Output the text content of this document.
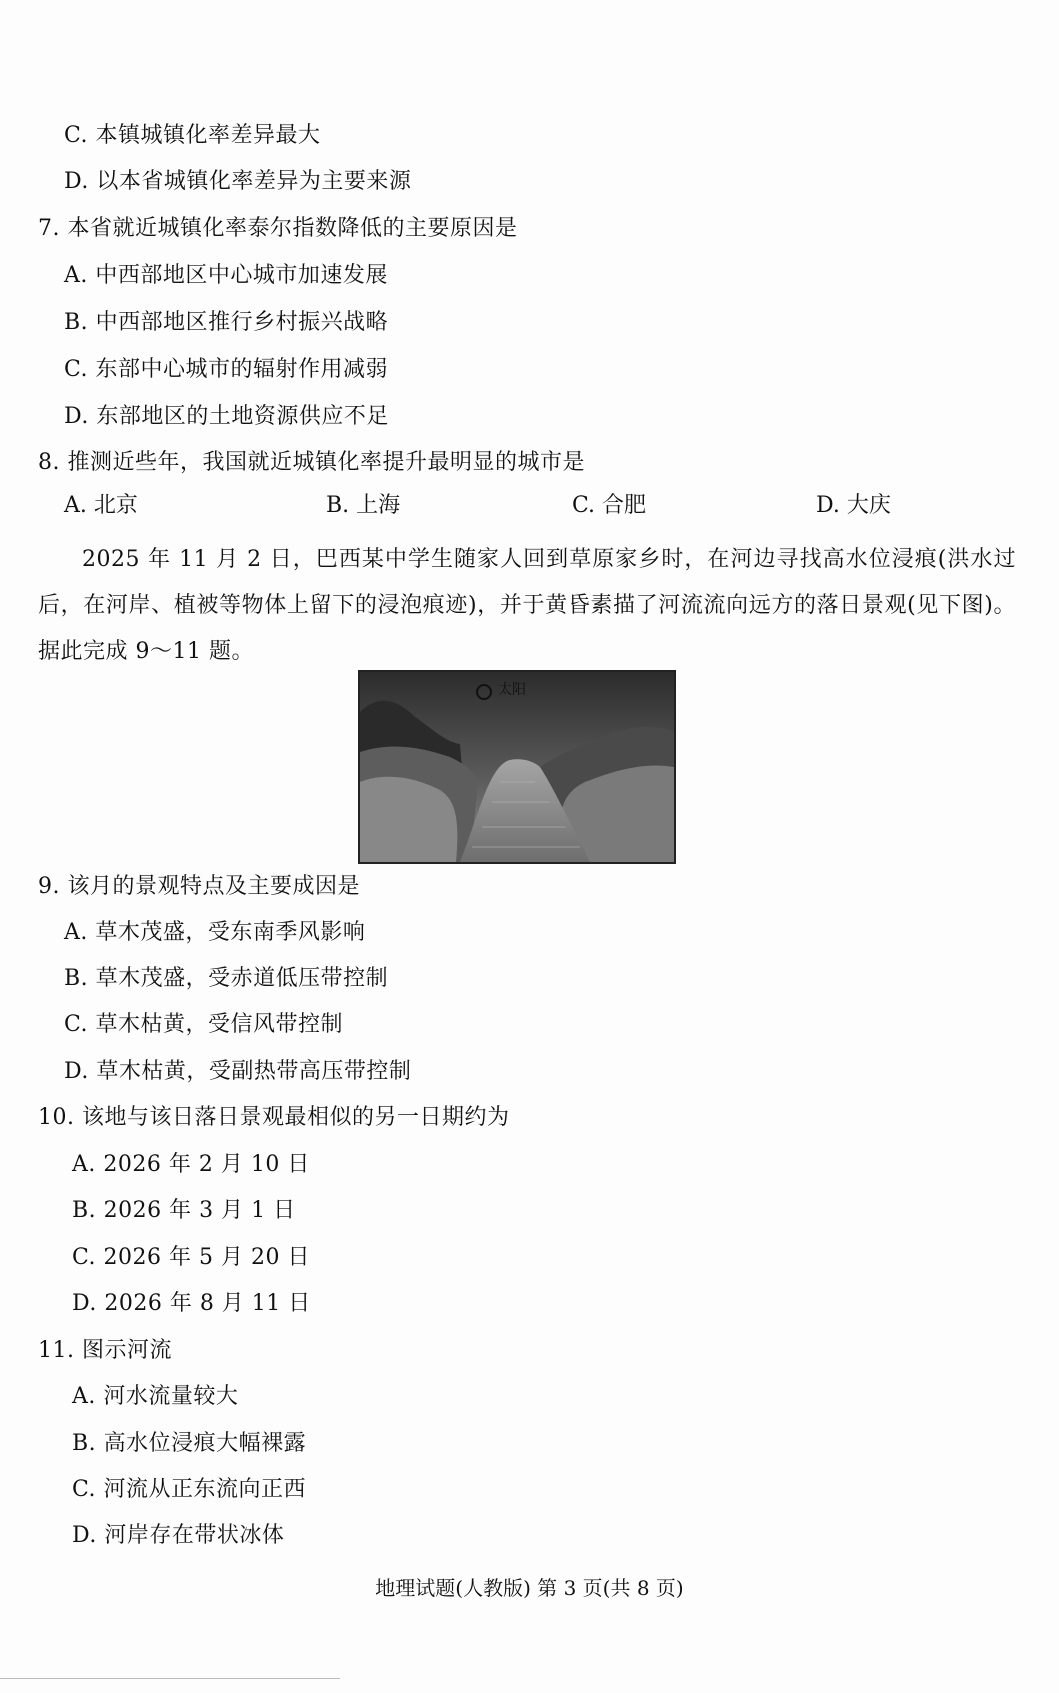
C. 本镇城镇化率差异最大
D. 以本省城镇化率差异为主要来源
7. 本省就近城镇化率泰尔指数降低的主要原因是
A. 中西部地区中心城市加速发展
B. 中西部地区推行乡村振兴战略
C. 东部中心城市的辐射作用减弱
D. 东部地区的土地资源供应不足
8. 推测近些年，我国就近城镇化率提升最明显的城市是
A. 北京	B. 上海	C. 合肥	D. 大庆
2025 年 11 月 2 日，巴西某中学生随家人回到草原家乡时，在河边寻找高水位浸痕(洪水过后，在河岸、植被等物体上留下的浸泡痕迹)，并于黄昏素描了河流流向远方的落日景观(见下图)。据此完成 9～11 题。
太阳
9. 该月的景观特点及主要成因是
A. 草木茂盛，受东南季风影响
B. 草木茂盛，受赤道低压带控制
C. 草木枯黄，受信风带控制
D. 草木枯黄，受副热带高压带控制
10. 该地与该日落日景观最相似的另一日期约为
A. 2026 年 2 月 10 日
B. 2026 年 3 月 1 日
C. 2026 年 5 月 20 日
D. 2026 年 8 月 11 日
11. 图示河流
A. 河水流量较大
B. 高水位浸痕大幅裸露
C. 河流从正东流向正西
D. 河岸存在带状冰体
地理试题(人教版) 第 3 页(共 8 页)
